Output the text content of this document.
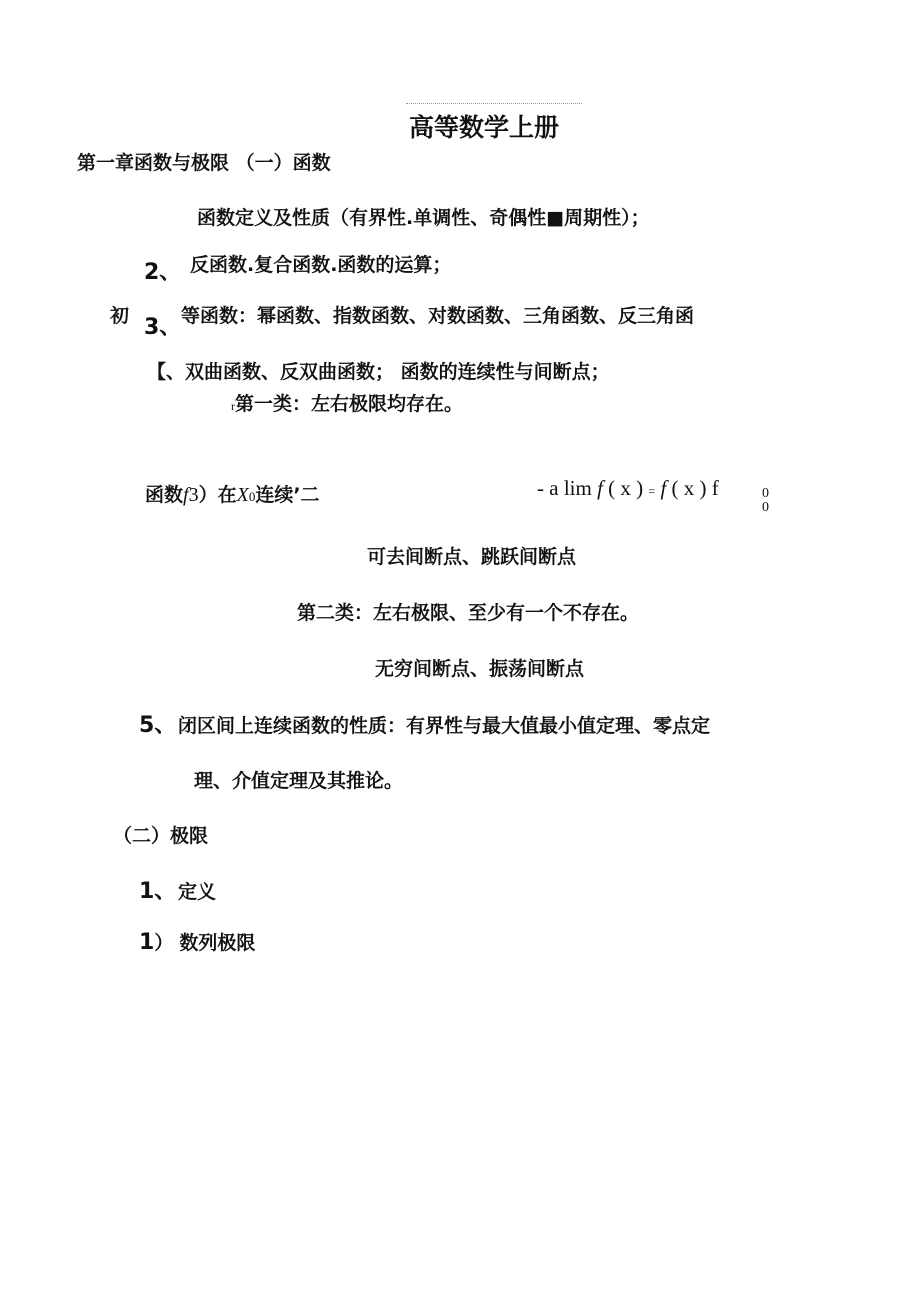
高等数学上册
第一章函数与极限 （一）函数
函数定义及性质（有界性.单调性、奇偶性■周期性）；
2、 反函数.复合函数.函数的运算；
初 3、 等函数：幂函数、指数函数、对数函数、三角函数、反三角函
【、双曲函数、反双曲函数； 函数的连续性与间断点；
r第一类：左右极限均存在。
函数f3）在X0连续’二	- a lim f ( x ) = f ( x ) f	0
0
可去间断点、跳跃间断点
第二类：左右极限、至少有一个不存在。
无穷间断点、振荡间断点
5、 闭区间上连续函数的性质：有界性与最大值最小值定理、零点定
理、介值定理及其推论。
（二）极限
1、 定义
1） 数列极限
